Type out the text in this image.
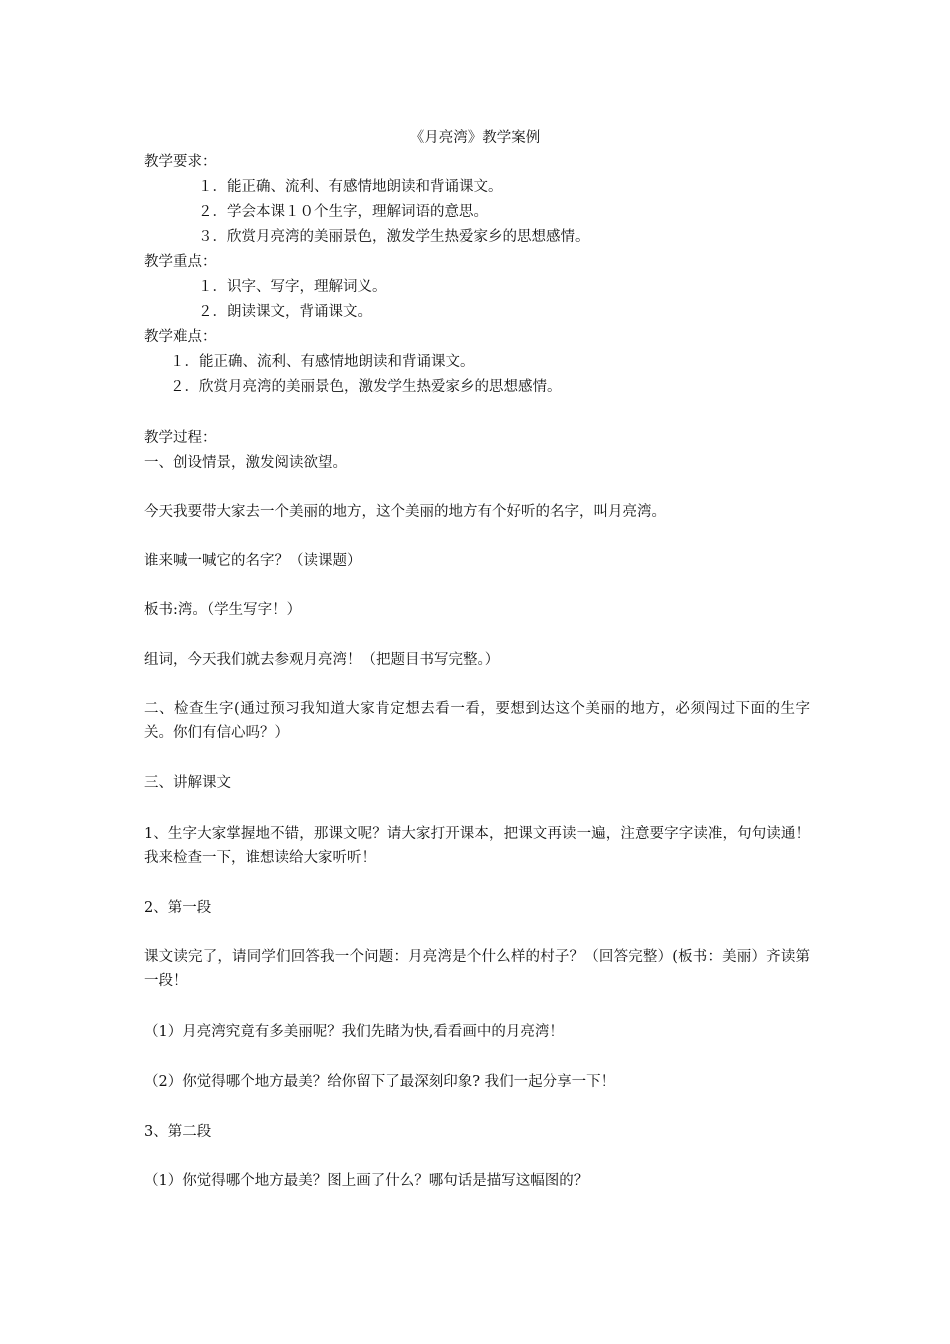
《月亮湾》教学案例
教学要求：
１．能正确、流利、有感情地朗读和背诵课文。
２．学会本课１０个生字，理解词语的意思。
３．欣赏月亮湾的美丽景色，激发学生热爱家乡的思想感情。
教学重点：
１．识字、写字，理解词义。
２．朗读课文，背诵课文。
教学难点：
１．能正确、流利、有感情地朗读和背诵课文。
２．欣赏月亮湾的美丽景色，激发学生热爱家乡的思想感情。
教学过程：
一、创设情景，激发阅读欲望。
今天我要带大家去一个美丽的地方，这个美丽的地方有个好听的名字，叫月亮湾。
谁来喊一喊它的名字？（读课题）
板书:湾。（学生写字！）
组词，今天我们就去参观月亮湾！（把题目书写完整。）
二、检查生字(通过预习我知道大家肯定想去看一看，要想到达这个美丽的地方，必须闯过下面的生字关。你们有信心吗？）
三、讲解课文
1、生字大家掌握地不错，那课文呢？请大家打开课本，把课文再读一遍，注意要字字读准，句句读通！我来检查一下，谁想读给大家听听！
2、第一段
课文读完了，请同学们回答我一个问题：月亮湾是个什么样的村子？（回答完整）(板书：美丽）齐读第一段！
（1）月亮湾究竟有多美丽呢？我们先睹为快,看看画中的月亮湾！
（2）你觉得哪个地方最美？给你留下了最深刻印象? 我们一起分享一下！
3、第二段
（1）你觉得哪个地方最美？图上画了什么？哪句话是描写这幅图的？
